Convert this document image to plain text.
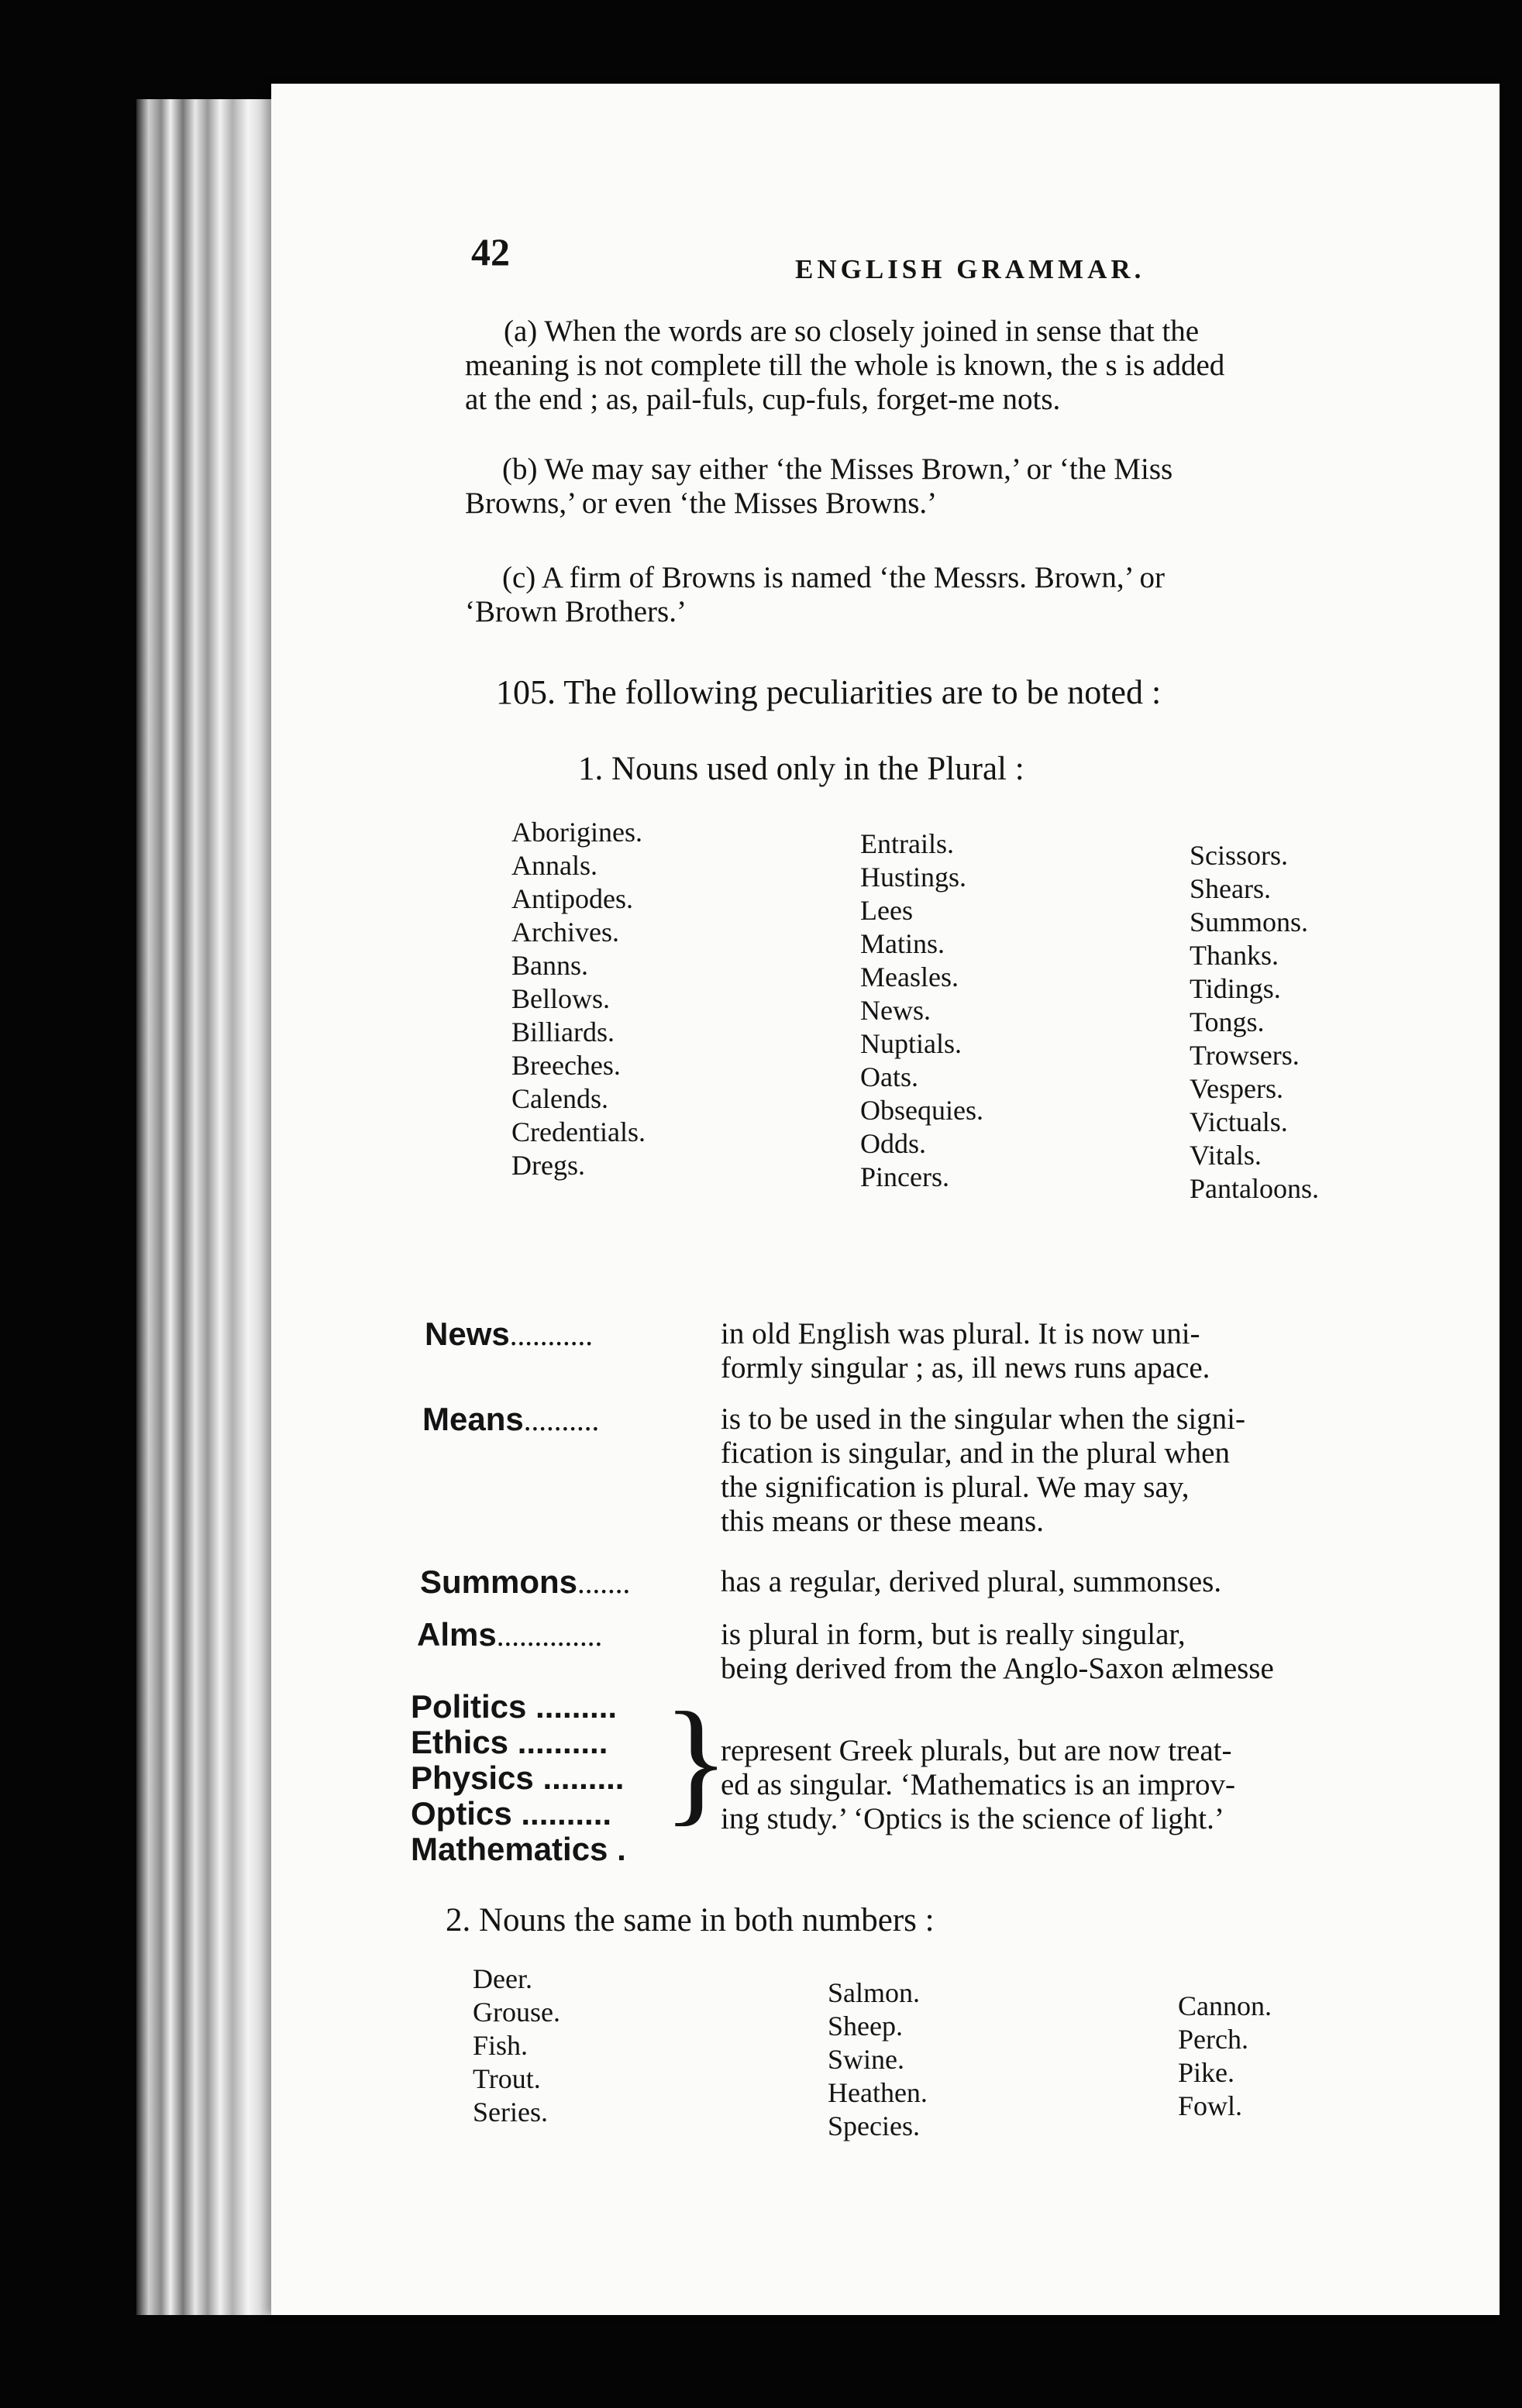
42	ENGLISH GRAMMAR.
(a) When the words are so closely joined in sense that the
meaning is not complete till the whole is known, the s is added
at the end ; as, pail-fuls, cup-fuls, forget-me nots.
(b) We may say either ‘the Misses Brown,’ or ‘the Miss
Browns,’ or even ‘the Misses Browns.’
(c) A firm of Browns is named ‘the Messrs. Brown,’ or
‘Brown Brothers.’
105. The following peculiarities are to be noted :
1. Nouns used only in the Plural :
Aborigines.
Annals.
Antipodes.
Archives.
Banns.
Bellows.
Billiards.
Breeches.
Calends.
Credentials.
Dregs.
Entrails.
Hustings.
Lees
Matins.
Measles.
News.
Nuptials.
Oats.
Obsequies.
Odds.
Pincers.
Scissors.
Shears.
Summons.
Thanks.
Tidings.
Tongs.
Trowsers.
Vespers.
Victuals.
Vitals.
Pantaloons.
News...........	in old English was plural. It is now uni-
formly singular ; as, ill news runs apace.
Means..........	is to be used in the singular when the signi-
fication is singular, and in the plural when
the signification is plural. We may say,
this means or these means.
Summons.......	has a regular, derived plural, summonses.
Alms..............	is plural in form, but is really singular,
being derived from the Anglo-Saxon ælmesse
Politics .........
Ethics ..........
Physics .........
Optics ..........
Mathematics .
}
represent Greek plurals, but are now treat-
ed as singular. ‘Mathematics is an improv-
ing study.’ ‘Optics is the science of light.’
2. Nouns the same in both numbers :
Deer.
Grouse.
Fish.
Trout.
Series.
Salmon.
Sheep.
Swine.
Heathen.
Species.
Cannon.
Perch.
Pike.
Fowl.
